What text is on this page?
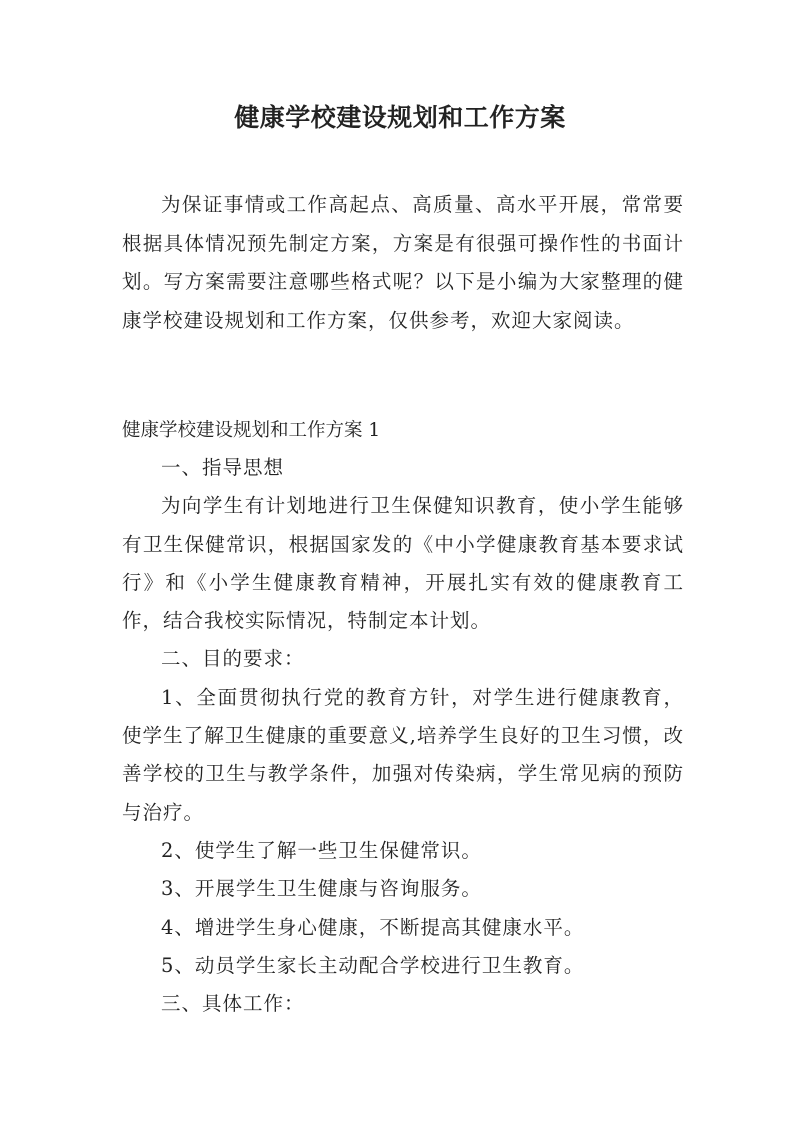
健康学校建设规划和工作方案

为保证事情或工作高起点、高质量、高水平开展，常常要根据具体情况预先制定方案，方案是有很强可操作性的书面计划。写方案需要注意哪些格式呢？以下是小编为大家整理的健康学校建设规划和工作方案，仅供参考，欢迎大家阅读。

健康学校建设规划和工作方案 1

一、指导思想

为向学生有计划地进行卫生保健知识教育，使小学生能够有卫生保健常识，根据国家发的《中小学健康教育基本要求试行》和《小学生健康教育精神，开展扎实有效的健康教育工作，结合我校实际情况，特制定本计划。

二、目的要求：

1、全面贯彻执行党的教育方针，对学生进行健康教育，使学生了解卫生健康的重要意义,培养学生良好的卫生习惯，改善学校的卫生与教学条件，加强对传染病，学生常见病的预防与治疗。

2、使学生了解一些卫生保健常识。

3、开展学生卫生健康与咨询服务。

4、增进学生身心健康，不断提高其健康水平。

5、动员学生家长主动配合学校进行卫生教育。

三、具体工作：
